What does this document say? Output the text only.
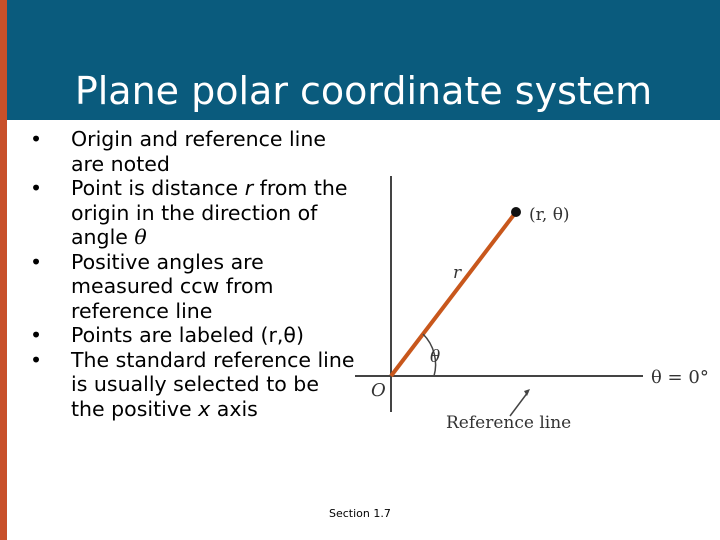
Plane polar coordinate system
• Origin and reference line are noted
• Point is distance r from the origin in the direction of angle θ
• Positive angles are measured ccw from reference line
• Points are labeled (r,θ)
• The standard reference line is usually selected to be the positive x axis
(r, θ)
r
θ
O
θ = 0°
Reference line
Section 1.7
